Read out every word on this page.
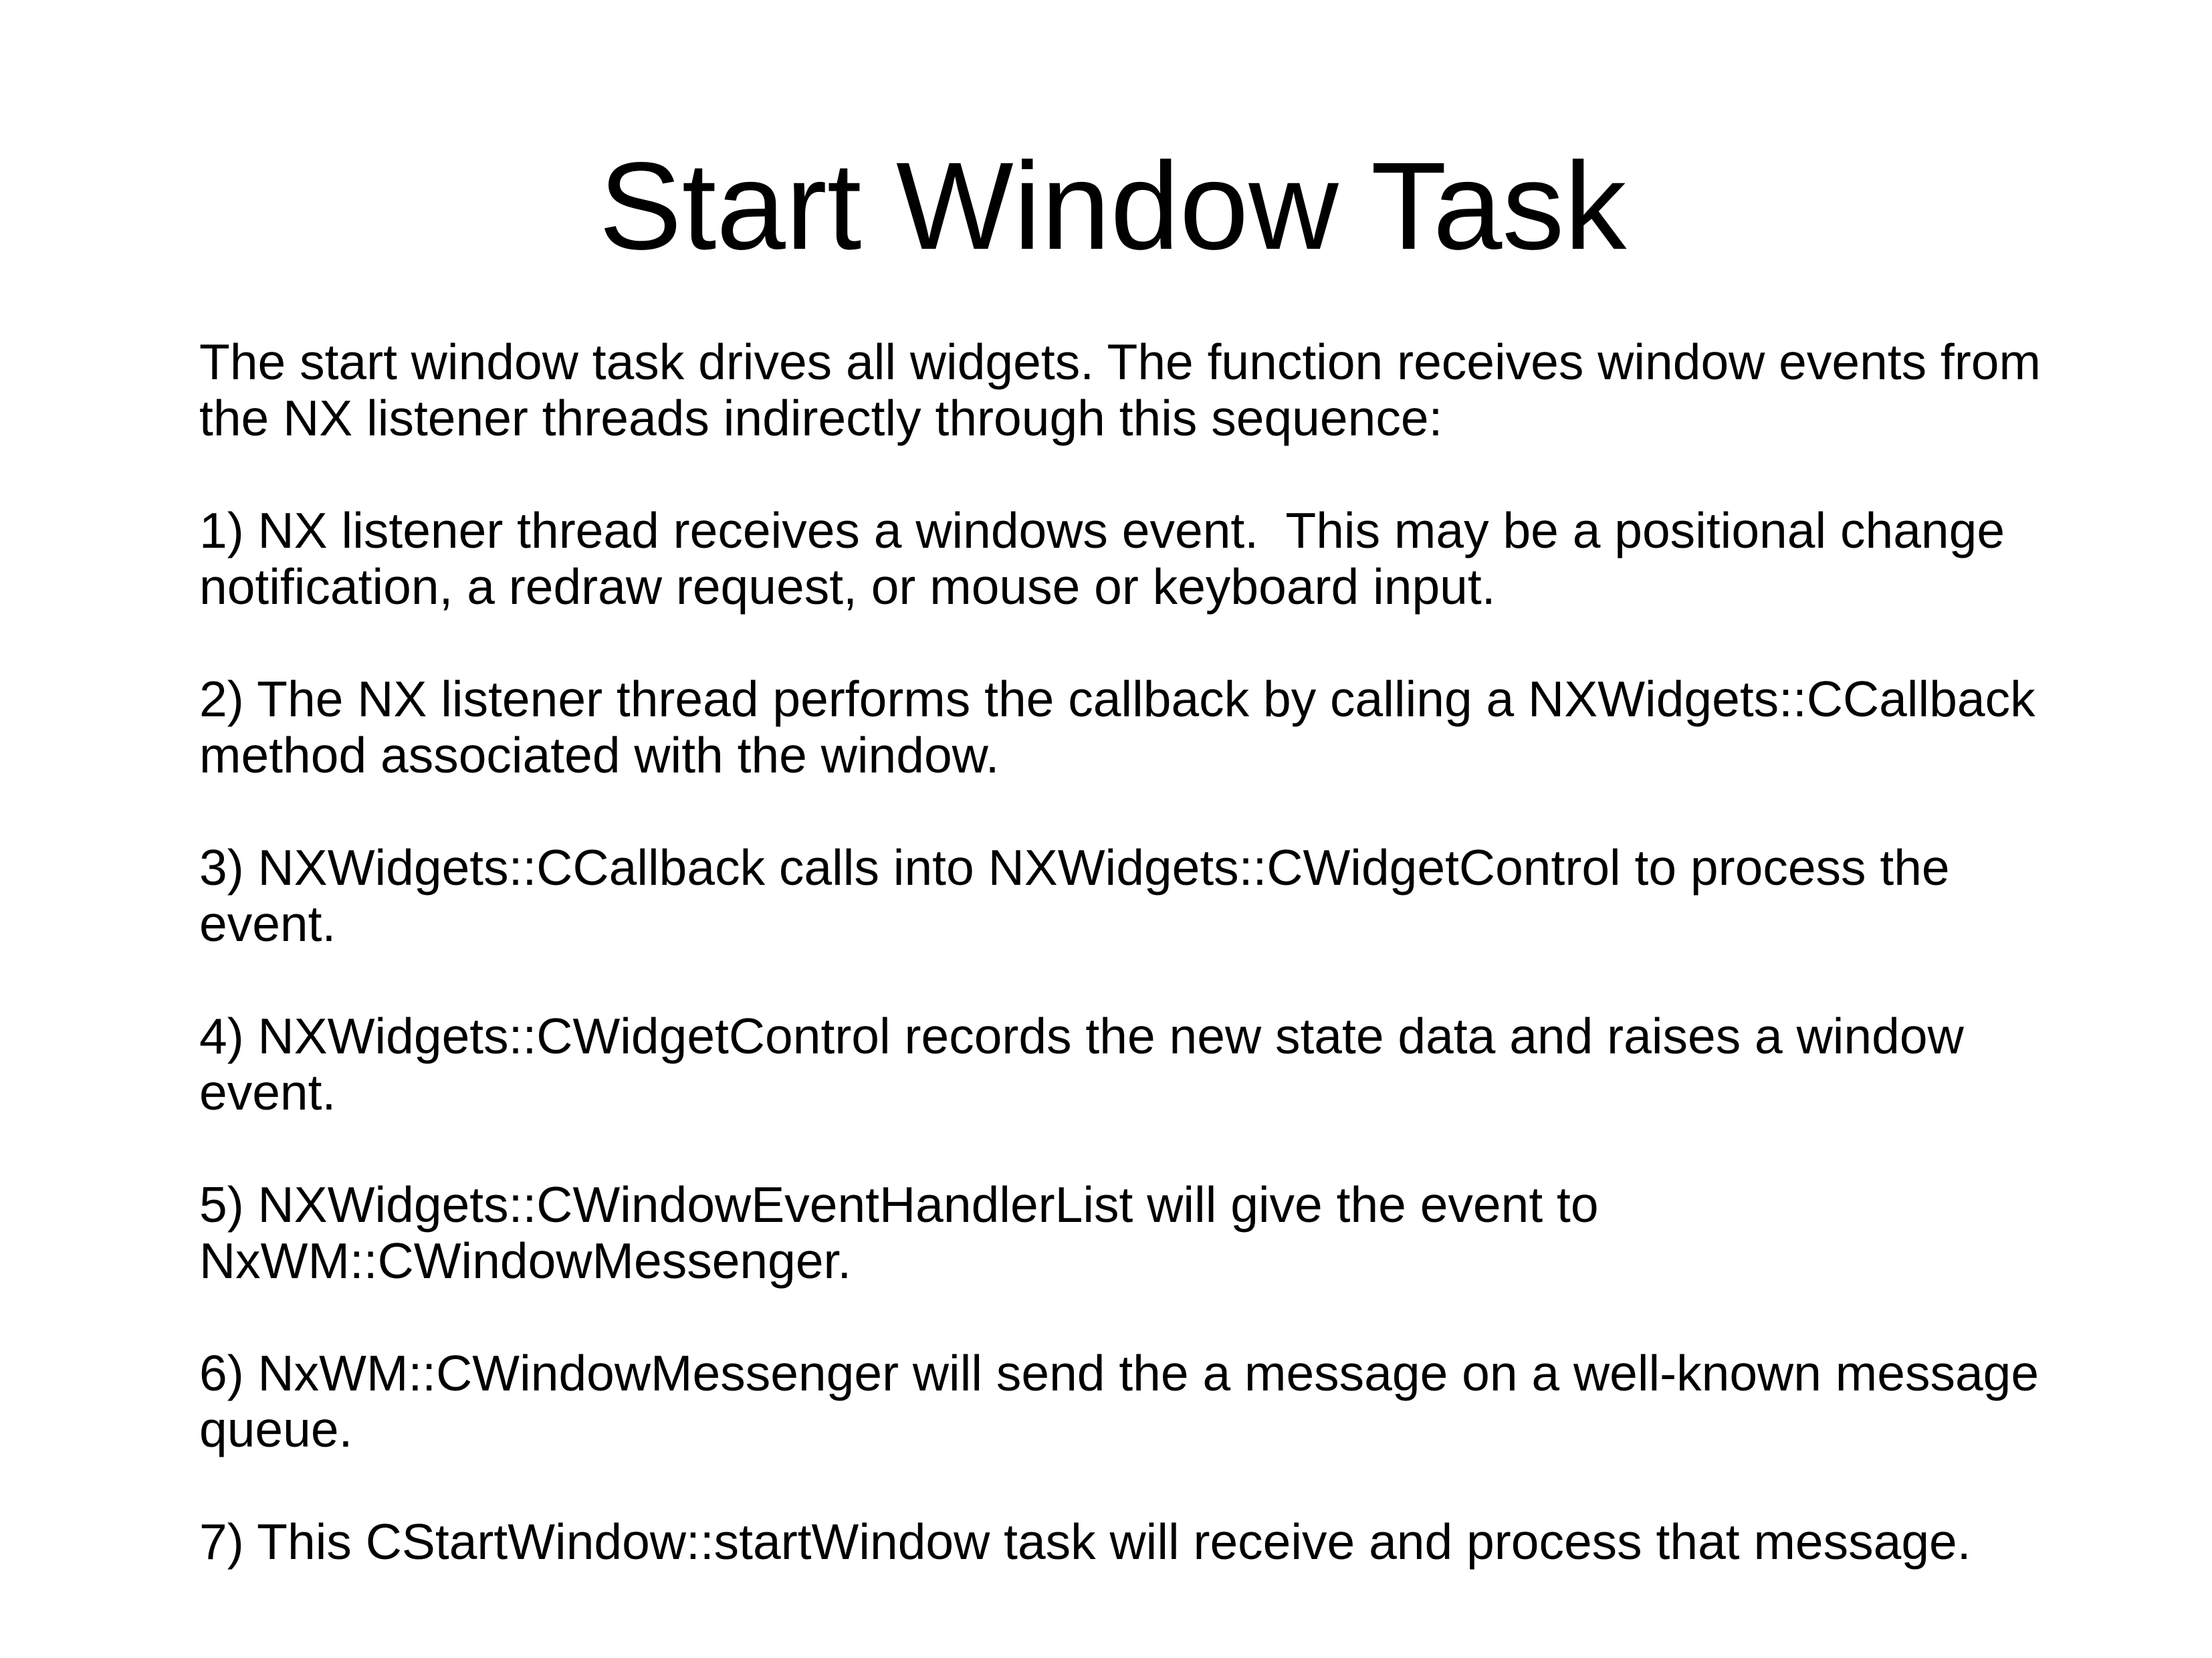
Start Window Task

The start window task drives all widgets. The function receives window events from
the NX listener threads indirectly through this sequence:

1) NX listener thread receives a windows event.  This may be a positional change
notification, a redraw request, or mouse or keyboard input.

2) The NX listener thread performs the callback by calling a NXWidgets::CCallback
method associated with the window.

3) NXWidgets::CCallback calls into NXWidgets::CWidgetControl to process the
event.

4) NXWidgets::CWidgetControl records the new state data and raises a window
event.

5) NXWidgets::CWindowEventHandlerList will give the event to
NxWM::CWindowMessenger.

6) NxWM::CWindowMessenger will send the a message on a well-known message
queue.

7) This CStartWindow::startWindow task will receive and process that message.
